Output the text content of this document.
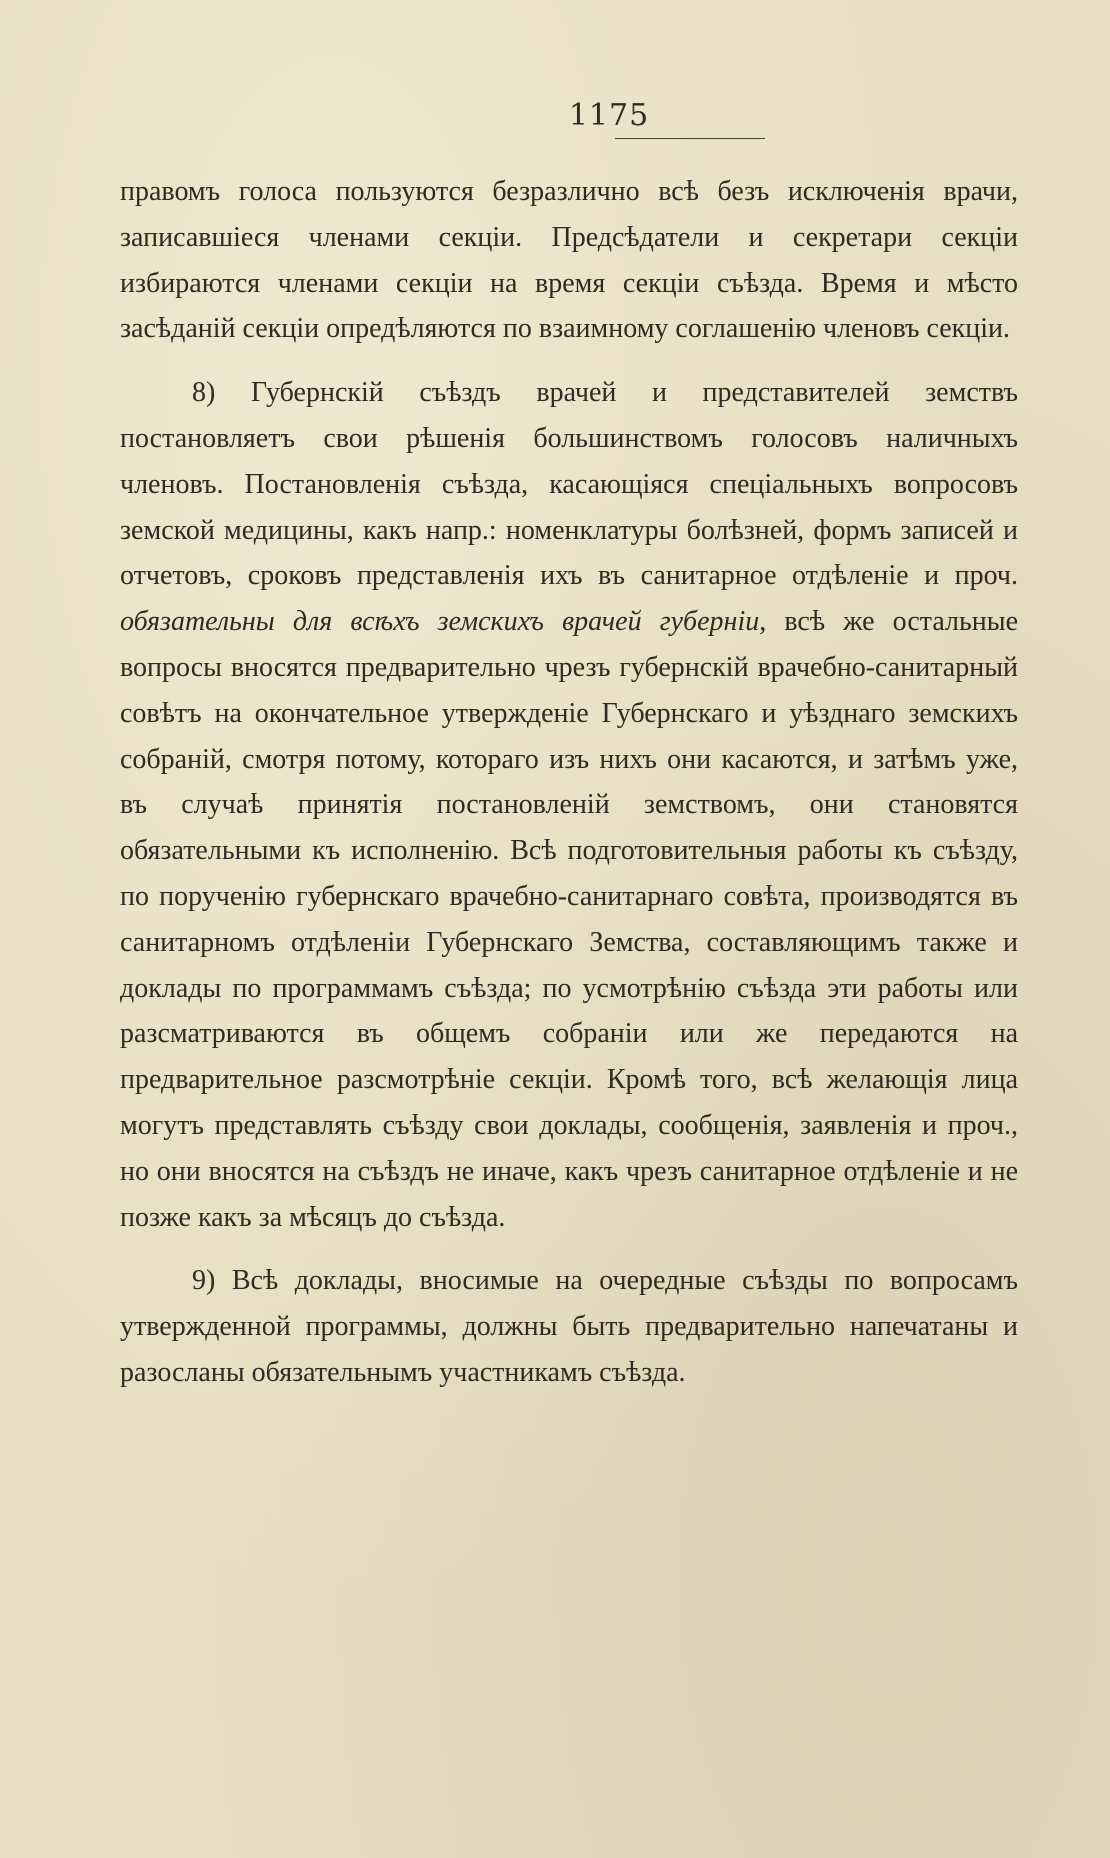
1175

правомъ голоса пользуются безразлично всѣ безъ исключенія врачи, записавшіеся членами секціи. Предсѣдатели и секретари секціи избираются членами секціи на время секціи съѣзда. Время и мѣсто засѣданій секціи опредѣляются по взаимному соглашенію членовъ секціи.

8) Губернскій съѣздъ врачей и представителей земствъ постановляетъ свои рѣшенія большинствомъ голосовъ наличныхъ членовъ. Постановленія съѣзда, касающіяся спеціальныхъ вопросовъ земской медицины, какъ напр.: номенклатуры болѣзней, формъ записей и отчетовъ, сроковъ представленія ихъ въ санитарное отдѣленіе и проч. обязательны для всѣхъ земскихъ врачей губерніи, всѣ же остальные вопросы вносятся предварительно чрезъ губернскій врачебно-санитарный совѣтъ на окончательное утвержденіе Губернскаго и уѣзднаго земскихъ собраній, смотря потому, котораго изъ нихъ они касаются, и затѣмъ уже, въ случаѣ принятія постановленій земствомъ, они становятся обязательными къ исполненію. Всѣ подготовительныя работы къ съѣзду, по порученію губернскаго врачебно-санитарнаго совѣта, производятся въ санитарномъ отдѣленіи Губернскаго Земства, составляющимъ также и доклады по программамъ съѣзда; по усмотрѣнію съѣзда эти работы или разсматриваются въ общемъ собраніи или же передаются на предварительное разсмотрѣніе секціи. Кромѣ того, всѣ желающія лица могутъ представлять съѣзду свои доклады, сообщенія, заявленія и проч., но они вносятся на съѣздъ не иначе, какъ чрезъ санитарное отдѣленіе и не позже какъ за мѣсяцъ до съѣзда.

9) Всѣ доклады, вносимые на очередные съѣзды по вопросамъ утвержденной программы, должны быть предварительно напечатаны и разосланы обязательнымъ участникамъ съѣзда.
